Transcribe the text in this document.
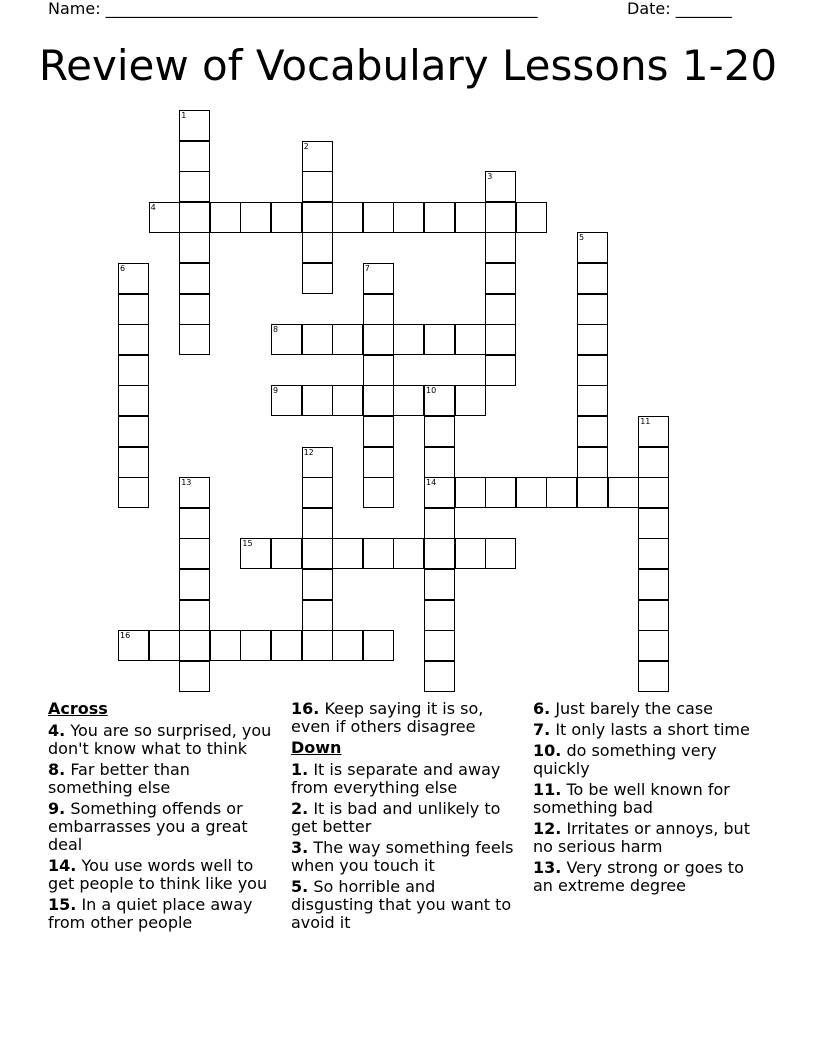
Name: ______________________________________________________	Date: _______
Review of Vocabulary Lessons 1-20
1
2
3
4
5
6	7
8
9	10
14
11
12
13
15
16
Across
4. You are so surprised, you don't know what to think
8. Far better than something else
9. Something offends or embarrasses you a great deal
14. You use words well to get people to think like you
15. In a quiet place away from other people
16. Keep saying it is so, even if others disagree
Down
1. It is separate and away from everything else
2. It is bad and unlikely to get better
3. The way something feels when you touch it
5. So horrible and disgusting that you want to avoid it
6. Just barely the case
7. It only lasts a short time
10. do something very quickly
11. To be well known for something bad
12. Irritates or annoys, but no serious harm
13. Very strong or goes to an extreme degree
